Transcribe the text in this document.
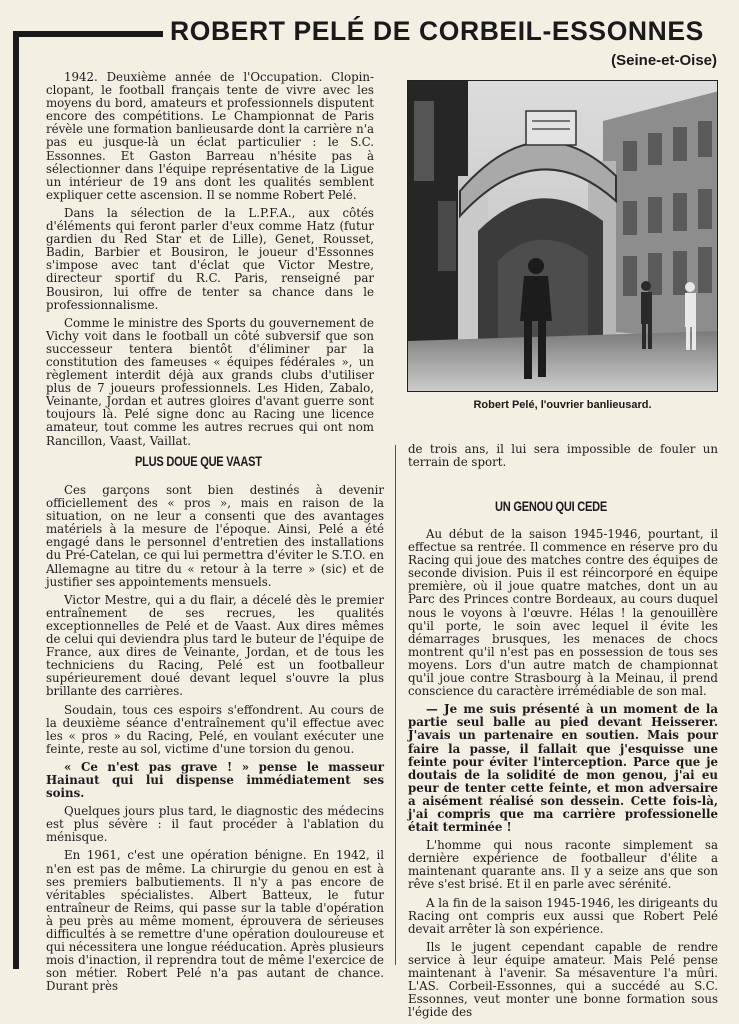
ROBERT PELÉ DE CORBEIL-ESSONNES
(Seine-et-Oise)

1942. Deuxième année de l'Occupation. Clopin-clopant, le football français tente de vivre avec les moyens du bord, amateurs et professionnels disputent encore des compétitions. Le Championnat de Paris révèle une formation banlieusarde dont la carrière n'a pas eu jusque-là un éclat particulier : le S.C. Essonnes. Et Gaston Barreau n'hésite pas à sélectionner dans l'équipe représentative de la Ligue un intérieur de 19 ans dont les qualités semblent expliquer cette ascension. Il se nomme Robert Pelé.

Dans la sélection de la L.P.F.A., aux côtés d'éléments qui feront parler d'eux comme Hatz (futur gardien du Red Star et de Lille), Genet, Rousset, Badin, Barbier et Bousiron, le joueur d'Essonnes s'impose avec tant d'éclat que Victor Mestre, directeur sportif du R.C. Paris, renseigné par Bousiron, lui offre de tenter sa chance dans le professionnalisme.

Comme le ministre des Sports du gouvernement de Vichy voit dans le football un côté subversif que son successeur tentera bientôt d'éliminer par la constitution des fameuses « équipes fédérales », un règlement interdit déjà aux grands clubs d'utiliser plus de 7 joueurs professionnels. Les Hiden, Zabalo, Veinante, Jordan et autres gloires d'avant guerre sont toujours là. Pelé signe donc au Racing une licence amateur, tout comme les autres recrues qui ont nom Rancillon, Vaast, Vaillat.

Robert Pelé, l'ouvrier banlieusard.
PLUS DOUE QUE VAAST

Ces garçons sont bien destinés à devenir officiellement des « pros », mais en raison de la situation, on ne leur a consenti que des avantages matériels à la mesure de l'époque. Ainsi, Pelé a été engagé dans le personnel d'entretien des installations du Pré-Catelan, ce qui lui permettra d'éviter le S.T.O. en Allemagne au titre du « retour à la terre » (sic) et de justifier ses appointements mensuels.

Victor Mestre, qui a du flair, a décelé dès le premier entraînement de ses recrues, les qualités exceptionnelles de Pelé et de Vaast. Aux dires mêmes de celui qui deviendra plus tard le buteur de l'équipe de France, aux dires de Veinante, Jordan, et de tous les techniciens du Racing, Pelé est un footballeur supérieurement doué devant lequel s'ouvre la plus brillante des carrières.

Soudain, tous ces espoirs s'effondrent. Au cours de la deuxième séance d'entraînement qu'il effectue avec les « pros » du Racing, Pelé, en voulant exécuter une feinte, reste au sol, victime d'une torsion du genou.

« Ce n'est pas grave ! » pense le masseur Hainaut qui lui dispense immédiatement ses soins.

Quelques jours plus tard, le diagnostic des médecins est plus sévère : il faut procéder à l'ablation du ménisque.

En 1961, c'est une opération bénigne. En 1942, il n'en est pas de même. La chirurgie du genou en est à ses premiers balbutiements. Il n'y a pas encore de véritables spécialistes. Albert Batteux, le futur entraîneur de Reims, qui passe sur la table d'opération à peu près au même moment, éprouvera de sérieuses difficultés à se remettre d'une opération douloureuse et qui nécessitera une longue rééducation. Après plusieurs mois d'inaction, il reprendra tout de même l'exercice de son métier. Robert Pelé n'a pas autant de chance. Durant près

de trois ans, il lui sera impossible de fouler un terrain de sport.

UN GENOU QUI CEDE

Au début de la saison 1945-1946, pourtant, il effectue sa rentrée. Il commence en réserve pro du Racing qui joue des matches contre des équipes de seconde division. Puis il est réincorporé en équipe première, où il joue quatre matches, dont un au Parc des Princes contre Bordeaux, au cours duquel nous le voyons à l'œuvre. Hélas ! la genouillère qu'il porte, le soin avec lequel il évite les démarrages brusques, les menaces de chocs montrent qu'il n'est pas en possession de tous ses moyens. Lors d'un autre match de championnat qu'il joue contre Strasbourg à la Meinau, il prend conscience du caractère irrémédiable de son mal.

— Je me suis présenté à un moment de la partie seul balle au pied devant Heisserer. J'avais un partenaire en soutien. Mais pour faire la passe, il fallait que j'esquisse une feinte pour éviter l'interception. Parce que je doutais de la solidité de mon genou, j'ai eu peur de tenter cette feinte, et mon adversaire a aisément réalisé son dessein. Cette fois-là, j'ai compris que ma carrière professionelle était terminée !

L'homme qui nous raconte simplement sa dernière expérience de footballeur d'élite a maintenant quarante ans. Il y a seize ans que son rêve s'est brisé. Et il en parle avec sérénité.

A la fin de la saison 1945-1946, les dirigeants du Racing ont compris eux aussi que Robert Pelé devait arrêter là son expérience.

Ils le jugent cependant capable de rendre service à leur équipe amateur. Mais Pelé pense maintenant à l'avenir. Sa mésaventure l'a mûri. L'AS. Corbeil-Essonnes, qui a succédé au S.C. Essonnes, veut monter une bonne formation sous l'égide des
